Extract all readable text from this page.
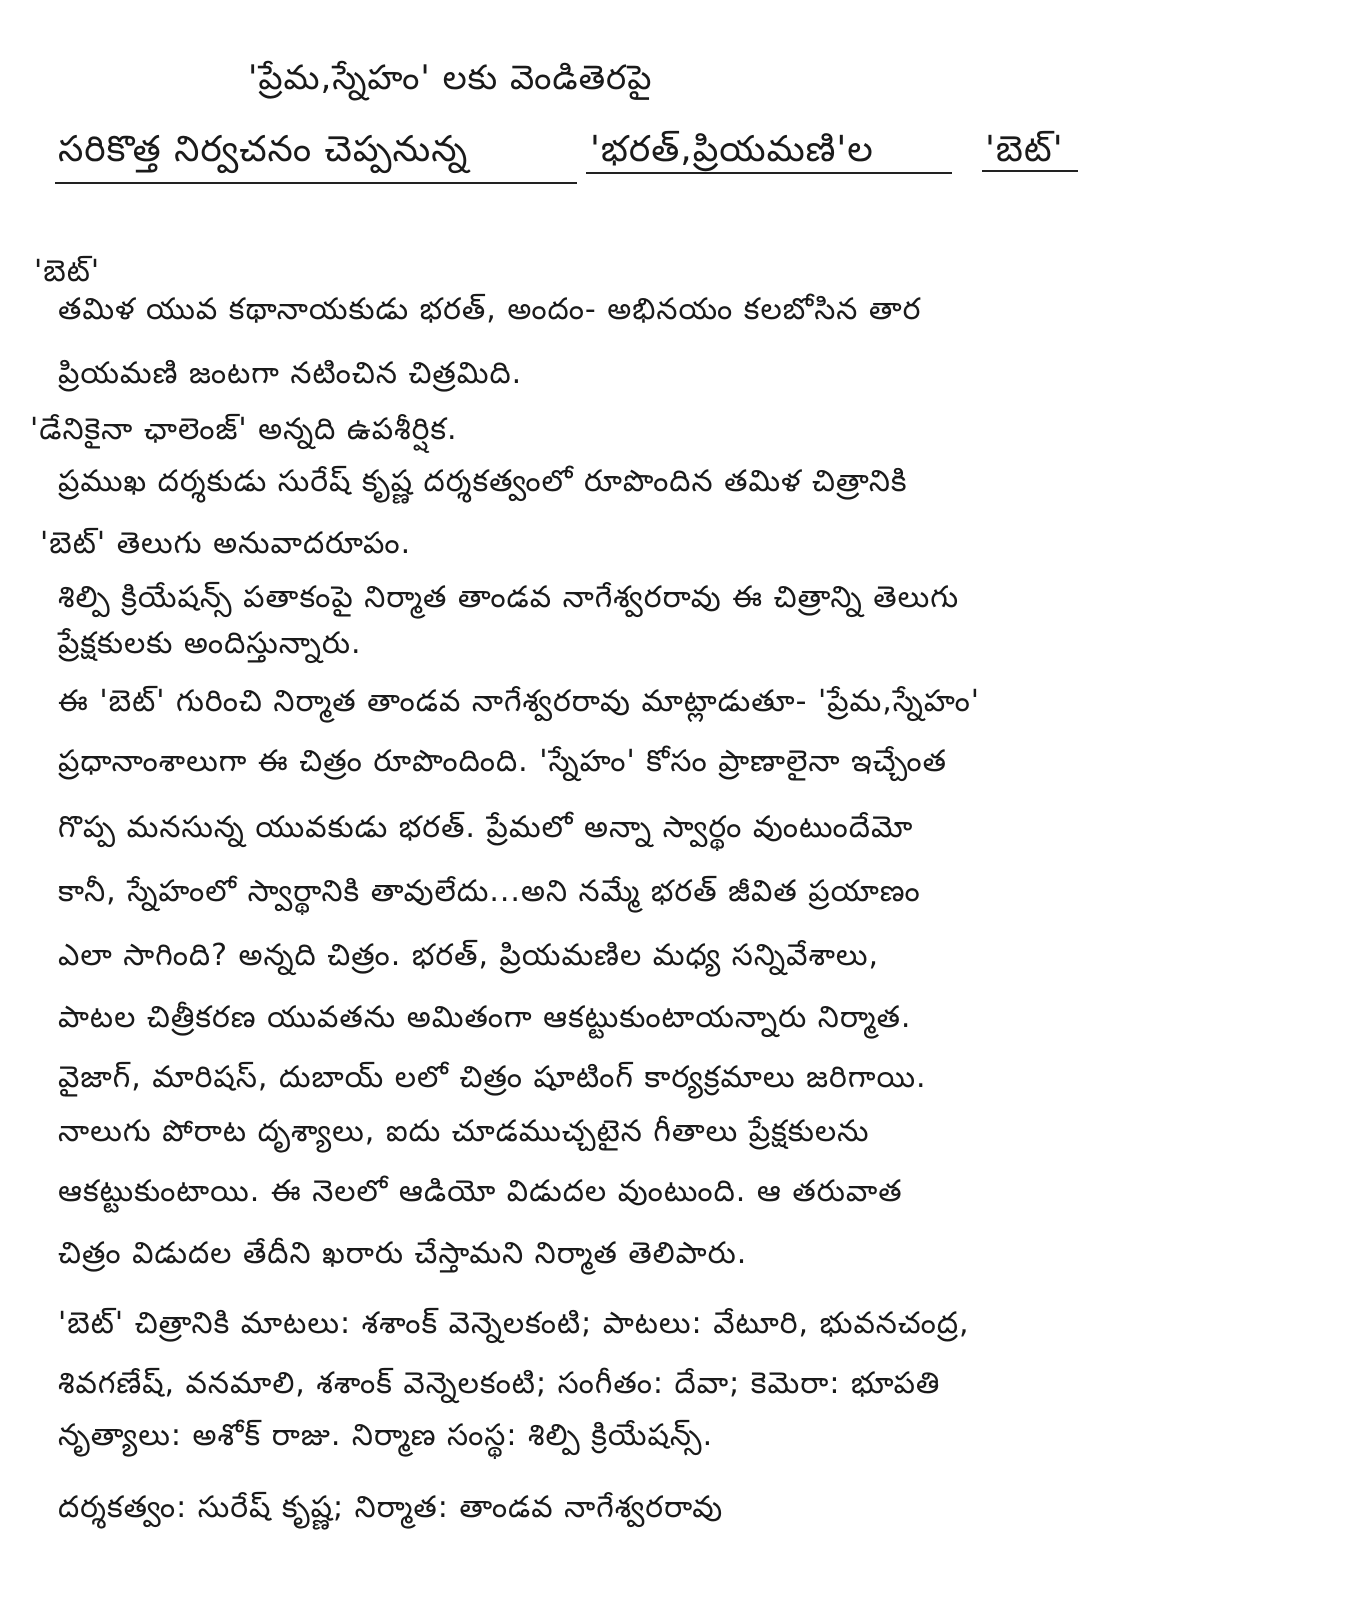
'ప్రేమ,స్నేహం' లకు వెండితెరపై
సరికొత్త నిర్వచనం చెప్పనున్న	'భరత్,ప్రియమణి'ల	'బెట్'
'బెట్'
తమిళ యువ కథానాయకుడు భరత్, అందం- అభినయం కలబోసిన తార
ప్రియమణి జంటగా నటించిన చిత్రమిది.
'డేనికైనా ఛాలెంజ్' అన్నది ఉపశీర్షిక.
ప్రముఖ దర్శకుడు సురేష్ కృష్ణ దర్శకత్వంలో రూపొందిన తమిళ చిత్రానికి
'బెట్' తెలుగు అనువాదరూపం.
శిల్పి క్రియేషన్స్ పతాకంపై నిర్మాత తాండవ నాగేశ్వరరావు ఈ చిత్రాన్ని తెలుగు
ప్రేక్షకులకు అందిస్తున్నారు.
ఈ 'బెట్' గురించి నిర్మాత తాండవ నాగేశ్వరరావు మాట్లాడుతూ- 'ప్రేమ,స్నేహం'
ప్రధానాంశాలుగా ఈ చిత్రం రూపొందింది. 'స్నేహం' కోసం ప్రాణాలైనా ఇచ్చేంత
గొప్ప మనసున్న యువకుడు భరత్. ప్రేమలో అన్నా స్వార్థం వుంటుందేమో
కానీ, స్నేహంలో స్వార్థానికి తావులేదు...అని నమ్మే భరత్ జీవిత ప్రయాణం
ఎలా సాగింది? అన్నది చిత్రం. భరత్, ప్రియమణిల మధ్య సన్నివేశాలు,
పాటల చిత్రీకరణ యువతను అమితంగా ఆకట్టుకుంటాయన్నారు నిర్మాత.
వైజాగ్, మారిషస్, దుబాయ్ లలో చిత్రం షూటింగ్ కార్యక్రమాలు జరిగాయి.
నాలుగు పోరాట దృశ్యాలు, ఐదు చూడముచ్చటైన గీతాలు ప్రేక్షకులను
ఆకట్టుకుంటాయి. ఈ నెలలో ఆడియో విడుదల వుంటుంది. ఆ తరువాత
చిత్రం విడుదల తేదీని ఖరారు చేస్తామని నిర్మాత తెలిపారు.
'బెట్' చిత్రానికి మాటలు: శశాంక్ వెన్నెలకంటి; పాటలు: వేటూరి, భువనచంద్ర,
శివగణేష్, వనమాలి, శశాంక్ వెన్నెలకంటి; సంగీతం: దేవా; కెమెరా: భూపతి
నృత్యాలు: అశోక్ రాజు. నిర్మాణ సంస్థ: శిల్పి క్రియేషన్స్.
దర్శకత్వం: సురేష్ కృష్ణ; నిర్మాత: తాండవ నాగేశ్వరరావు
